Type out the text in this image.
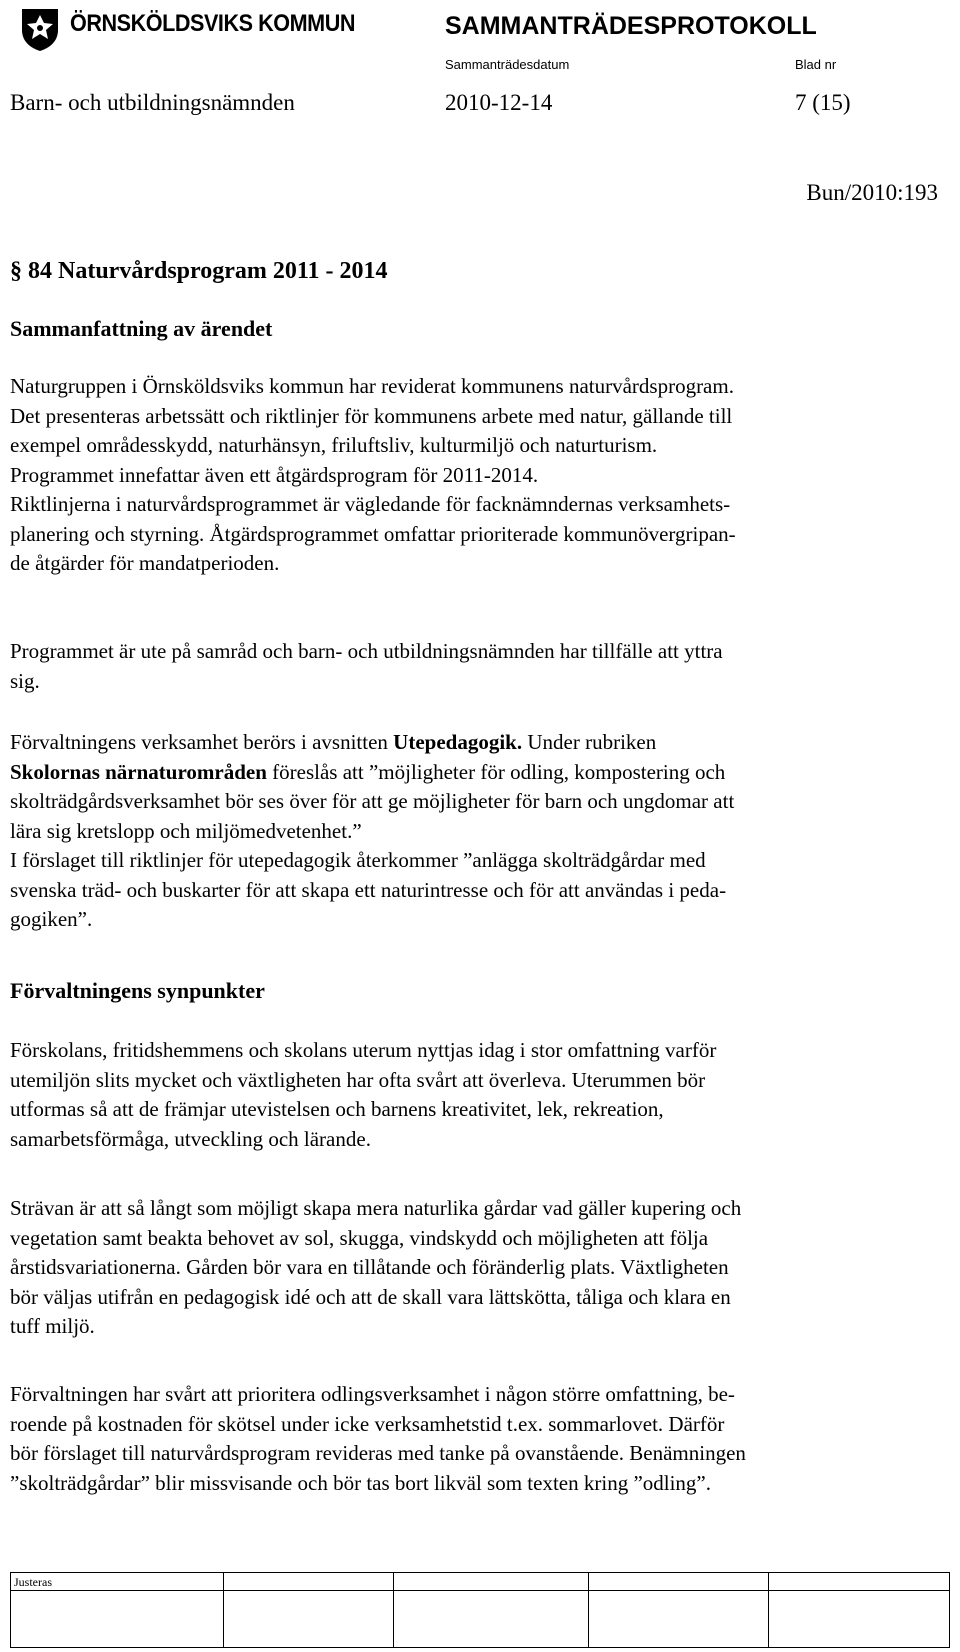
ÖRNSKÖLDSVIKS KOMMUN	SAMMANTRÄDESPROTOKOLL
Sammanträdesdatum	Blad nr
Barn- och utbildningsnämnden	2010-12-14	7 (15)
Bun/2010:193
§ 84 Naturvårdsprogram 2011 - 2014
Sammanfattning av ärendet
Naturgruppen i Örnsköldsviks kommun har reviderat kommunens naturvårdsprogram.
Det presenteras arbetssätt och riktlinjer för kommunens arbete med natur, gällande till
exempel områdesskydd, naturhänsyn, friluftsliv, kulturmiljö och naturturism.
Programmet innefattar även ett åtgärdsprogram för 2011-2014.
Riktlinjerna i naturvårdsprogrammet är vägledande för facknämndernas verksamhets-
planering och styrning. Åtgärdsprogrammet omfattar prioriterade kommunövergripan-
de åtgärder för mandatperioden.
Programmet är ute på samråd och barn- och utbildningsnämnden har tillfälle att yttra
sig.
Förvaltningens verksamhet berörs i avsnitten Utepedagogik. Under rubriken
Skolornas närnaturområden föreslås att ”möjligheter för odling, kompostering och
skolträdgårdsverksamhet bör ses över för att ge möjligheter för barn och ungdomar att
lära sig kretslopp och miljömedvetenhet.”
I förslaget till riktlinjer för utepedagogik återkommer ”anlägga skolträdgårdar med
svenska träd- och buskarter för att skapa ett naturintresse och för att användas i peda-
gogiken”.
Förvaltningens synpunkter
Förskolans, fritidshemmens och skolans uterum nyttjas idag i stor omfattning varför
utemiljön slits mycket och växtligheten har ofta svårt att överleva. Uterummen bör
utformas så att de främjar utevistelsen och barnens kreativitet, lek, rekreation,
samarbetsförmåga, utveckling och lärande.
Strävan är att så långt som möjligt skapa mera naturlika gårdar vad gäller kupering och
vegetation samt beakta behovet av sol, skugga, vindskydd och möjligheten att följa
årstidsvariationerna. Gården bör vara en tillåtande och föränderlig plats. Växtligheten
bör väljas utifrån en pedagogisk idé och att de skall vara lättskötta, tåliga och klara en
tuff miljö.
Förvaltningen har svårt att prioritera odlingsverksamhet i någon större omfattning, be-
roende på kostnaden för skötsel under icke verksamhetstid t.ex. sommarlovet. Därför
bör förslaget till naturvårdsprogram revideras med tanke på ovanstående. Benämningen
”skolträdgårdar” blir missvisande och bör tas bort likväl som texten kring ”odling”.
Justeras
